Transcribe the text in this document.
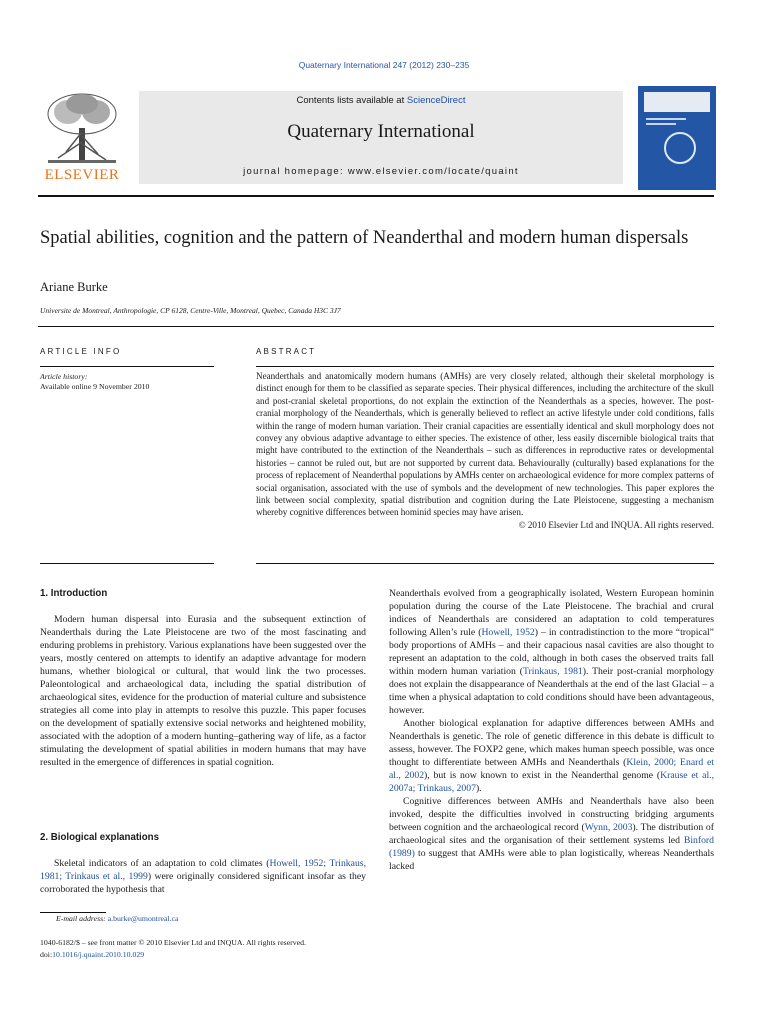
Quaternary International 247 (2012) 230–235
ELSEVIER
Contents lists available at ScienceDirect
Quaternary International
journal homepage: www.elsevier.com/locate/quaint
Spatial abilities, cognition and the pattern of Neanderthal and modern human dispersals
Ariane Burke
Universite de Montreal, Anthropologie, CP 6128, Centre-Ville, Montreal, Quebec, Canada H3C 3J7
ARTICLE INFO	ABSTRACT
Article history:
Available online 9 November 2010
Neanderthals and anatomically modern humans (AMHs) are very closely related, although their skeletal morphology is distinct enough for them to be classified as separate species. Their physical differences, including the architecture of the skull and post-cranial skeletal proportions, do not explain the extinction of the Neanderthals as a species, however. The post-cranial morphology of the Neanderthals, which is generally believed to reflect an active lifestyle under cold conditions, falls within the range of modern human variation. Their cranial capacities are essentially identical and skull morphology does not convey any obvious adaptive advantage to either species. The existence of other, less easily discernible biological traits that might have contributed to the extinction of the Neanderthals – such as differences in reproductive rates or developmental histories – cannot be ruled out, but are not supported by current data. Behaviourally (culturally) based explanations for the process of replacement of Neanderthal populations by AMHs center on archaeological evidence for more complex patterns of social organisation, associated with the use of symbols and the development of new technologies. This paper explores the link between social complexity, spatial distribution and cognition during the Late Pleistocene, suggesting a mechanism whereby cognitive differences between hominid species may have arisen.
© 2010 Elsevier Ltd and INQUA. All rights reserved.
1. Introduction

Modern human dispersal into Eurasia and the subsequent extinction of Neanderthals during the Late Pleistocene are two of the most fascinating and enduring problems in prehistory. Various explanations have been suggested over the years, mostly centered on attempts to identify an adaptive advantage for modern humans, whether biological or cultural, that would link the two processes. Paleontological and archaeological data, including the spatial distribution of archaeological sites, evidence for the production of material culture and subsistence strategies all come into play in attempts to resolve this puzzle. This paper focuses on the development of spatially extensive social networks and heightened mobility, associated with the adoption of a modern hunting–gathering way of life, as a factor stimulating the development of spatial abilities in modern humans that may have resulted in the emergence of differences in spatial cognition.

2. Biological explanations

Skeletal indicators of an adaptation to cold climates (Howell, 1952; Trinkaus, 1981; Trinkaus et al., 1999) were originally considered significant insofar as they corroborated the hypothesis that

Neanderthals evolved from a geographically isolated, Western European hominin population during the course of the Late Pleistocene. The brachial and crural indices of Neanderthals are considered an adaptation to cold temperatures following Allen’s rule (Howell, 1952) – in contradistinction to the more “tropical” body proportions of AMHs – and their capacious nasal cavities are also thought to represent an adaptation to the cold, although in both cases the observed traits fall within modern human variation (Trinkaus, 1981). Their post-cranial morphology does not explain the disappearance of Neanderthals at the end of the last Glacial – a time when a physical adaptation to cold conditions should have been advantageous, however.

Another biological explanation for adaptive differences between AMHs and Neanderthals is genetic. The role of genetic difference in this debate is difficult to assess, however. The FOXP2 gene, which makes human speech possible, was once thought to differentiate between AMHs and Neanderthals (Klein, 2000; Enard et al., 2002), but is now known to exist in the Neanderthal genome (Krause et al., 2007a; Trinkaus, 2007).

Cognitive differences between AMHs and Neanderthals have also been invoked, despite the difficulties involved in constructing bridging arguments between cognition and the archaeological record (Wynn, 2003). The distribution of archaeological sites and the organisation of their settlement systems led Binford (1989) to suggest that AMHs were able to plan logistically, whereas Neanderthals lacked

E-mail address: a.burke@umontreal.ca
1040-6182/$ – see front matter © 2010 Elsevier Ltd and INQUA. All rights reserved.
doi:10.1016/j.quaint.2010.10.029
